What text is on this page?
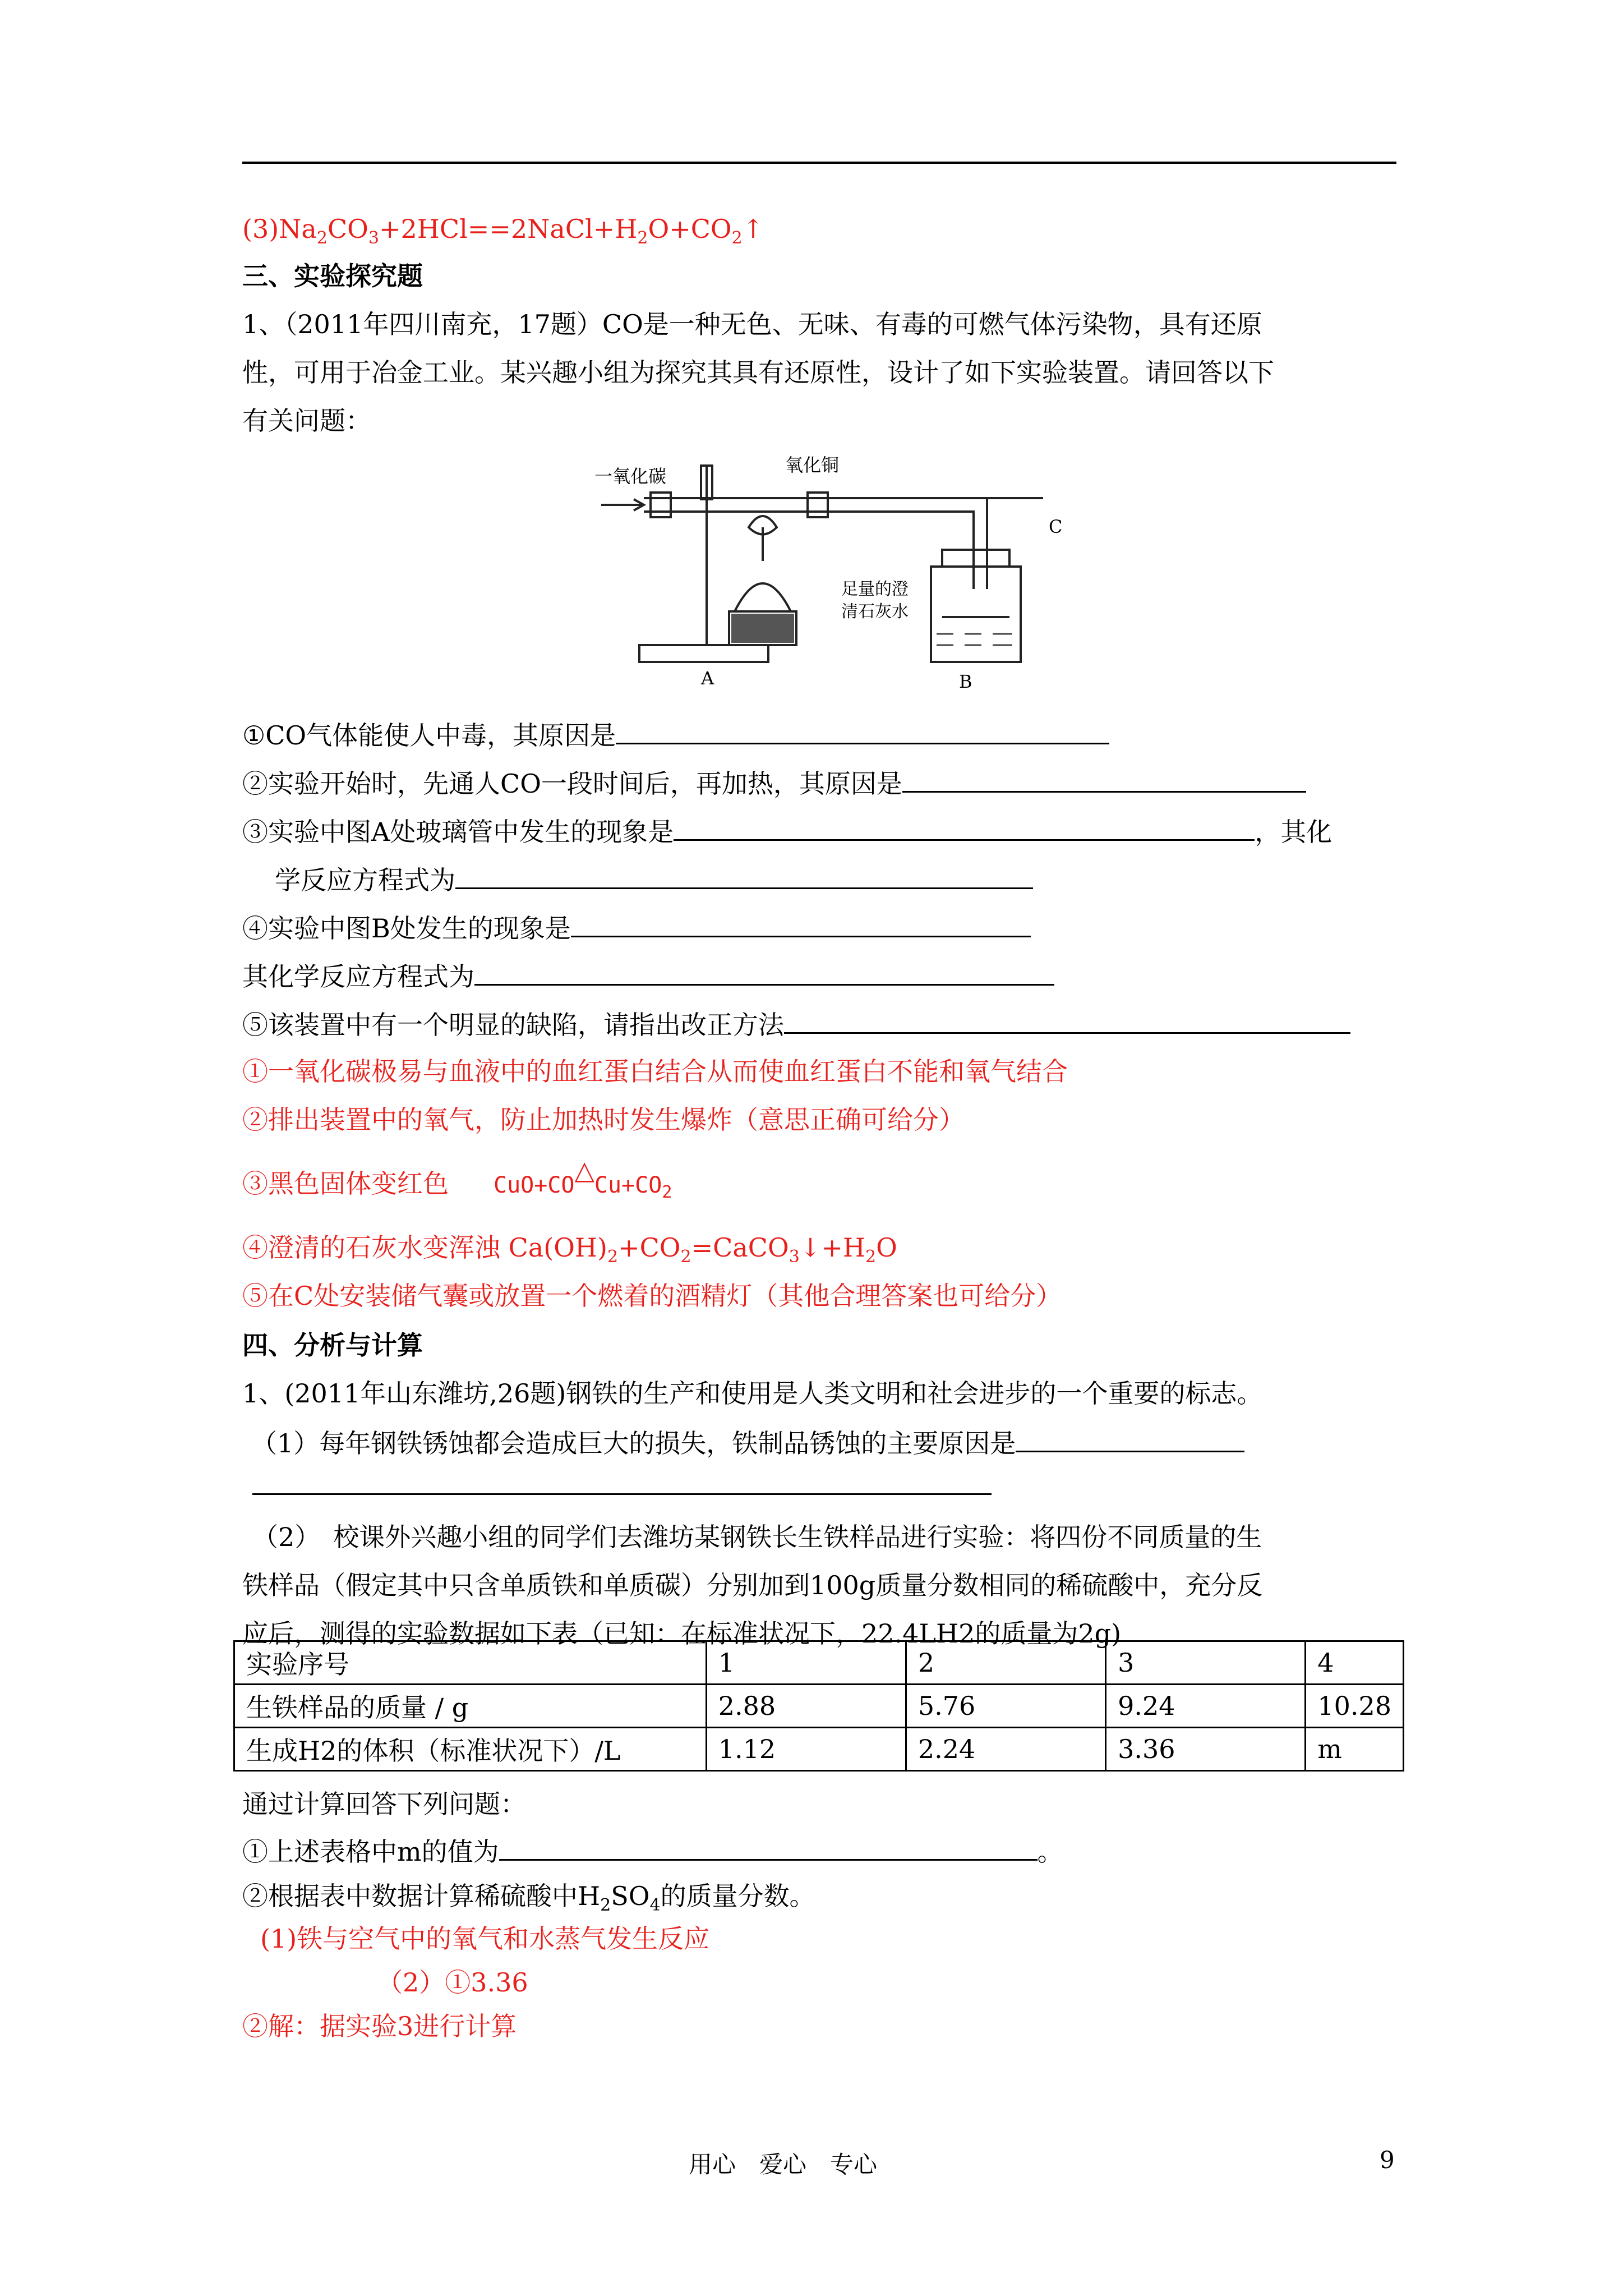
$(3)Na_2CO_3+2HCl==2NaCl+H_2O+CO_2↑$
三、实验探究题
1、（2011年四川南充，17题）CO是一种无色、无味、有毒的可燃气体污染物，具有还原
性，可用于冶金工业。某兴趣小组为探究其具有还原性，设计了如下实验装置。请回答以下
有关问题：
一氧化碳
氧化铜
C
足量的澄
清石灰水
A	B
①CO气体能使人中毒，其原因是
②实验开始时，先通人CO一段时间后，再加热，其原因是
③实验中图A处玻璃管中发生的现象是	，其化
学反应方程式为
④实验中图B处发生的现象是
其化学反应方程式为
⑤该装置中有一个明显的缺陷，请指出改正方法
①一氧化碳极易与血液中的血红蛋白结合从而使血红蛋白不能和氧气结合
②排出装置中的氧气，防止加热时发生爆炸（意思正确可给分）
③黑色固体变红色 $CuO+CO\triangle Cu+CO_2$
④澄清的石灰水变浑浊 $Ca(OH)_2+CO_2=CaCO_3↓+H_2O$
⑤在C处安装储气囊或放置一个燃着的酒精灯（其他合理答案也可给分）
四、分析与计算
1、(2011年山东潍坊,26题)钢铁的生产和使用是人类文明和社会进步的一个重要的标志。
（1）每年钢铁锈蚀都会造成巨大的损失，铁制品锈蚀的主要原因是
（2）　校课外兴趣小组的同学们去潍坊某钢铁长生铁样品进行实验：将四份不同质量的生
铁样品（假定其中只含单质铁和单质碳）分别加到100g质量分数相同的稀硫酸中，充分反
应后，测得的实验数据如下表（已知：在标准状况下，22.4LH2的质量为2g)
实验序号	1	2	3	4
生铁样品的质量 / g	2.88	5.76	9.24	10.28
生成H2的体积（标准状况下）/L	1.12	2.24	3.36	m
通过计算回答下列问题：
①上述表格中m的值为	。
②根据表中数据计算稀硫酸中$H_2SO_4$的质量分数。
(1)铁与空气中的氧气和水蒸气发生反应
（2）①3.36
②解：据实验3进行计算
用心　爱心　专心	9
